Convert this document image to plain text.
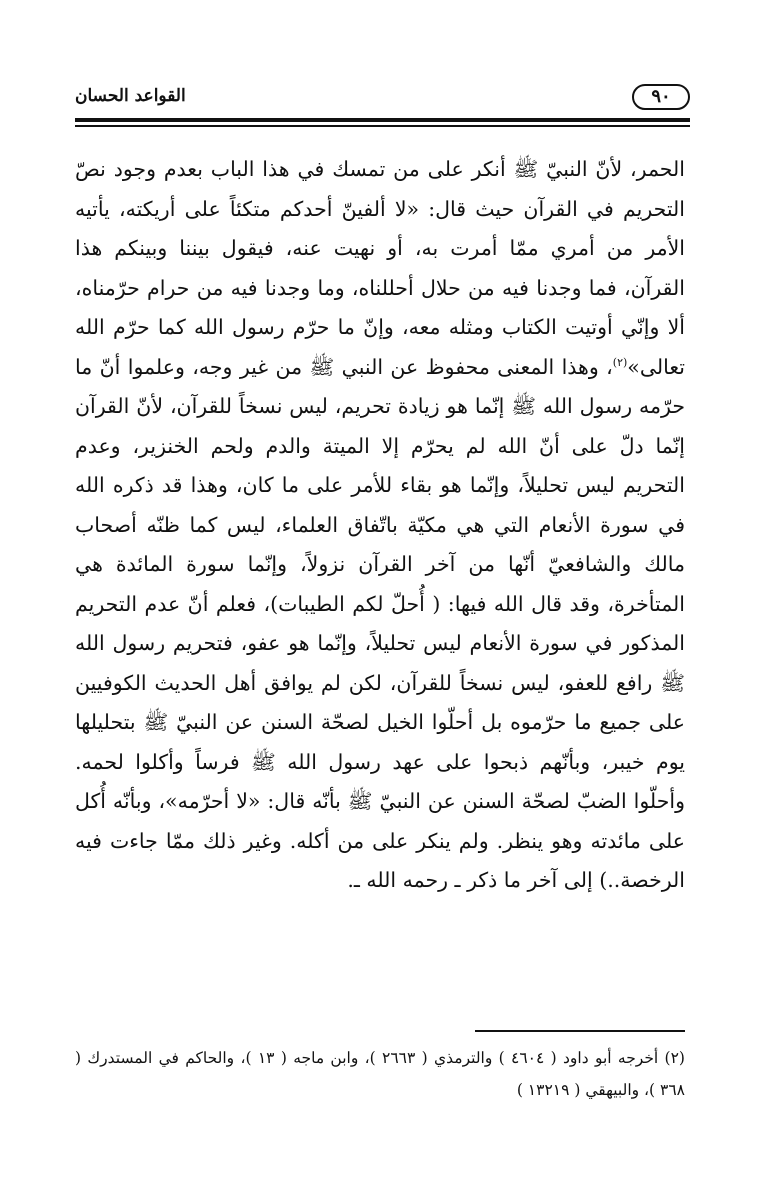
٩٠
القواعد الحسان

الحمر، لأنّ النبيّ ﷺ أنكر على من تمسك في هذا الباب بعدم وجود نصّ التحريم في القرآن حيث قال: «لا ألفينّ أحدكم متكئاً على أريكته، يأتيه الأمر من أمري ممّا أمرت به، أو نهيت عنه، فيقول بيننا وبينكم هذا القرآن، فما وجدنا فيه من حلال أحللناه، وما وجدنا فيه من حرام حرّمناه، ألا وإنّي أوتيت الكتاب ومثله معه، وإنّ ما حرّم رسول الله كما حرّم الله تعالى»$^{(٢)}$، وهذا المعنى محفوظ عن النبي ﷺ من غير وجه، وعلموا أنّ ما حرّمه رسول الله ﷺ إنّما هو زيادة تحريم، ليس نسخاً للقرآن، لأنّ القرآن إنّما دلّ على أنّ الله لم يحرّم إلا الميتة والدم ولحم الخنزير، وعدم التحريم ليس تحليلاً، وإنّما هو بقاء للأمر على ما كان، وهذا قد ذكره الله في سورة الأنعام التي هي مكيّة باتّفاق العلماء، ليس كما ظنّه أصحاب مالك والشافعيّ أنّها من آخر القرآن نزولاً، وإنّما سورة المائدة هي المتأخرة، وقد قال الله فيها: ( أُحلّ لكم الطيبات)، فعلم أنّ عدم التحريم المذكور في سورة الأنعام ليس تحليلاً، وإنّما هو عفو، فتحريم رسول الله ﷺ رافع للعفو، ليس نسخاً للقرآن، لكن لم يوافق أهل الحديث الكوفيين على جميع ما حرّموه بل أحلّوا الخيل لصحّة السنن عن النبيّ ﷺ بتحليلها يوم خيبر، وبأنّهم ذبحوا على عهد رسول الله ﷺ فرساً وأكلوا لحمه. وأحلّوا الضبّ لصحّة السنن عن النبيّ ﷺ بأنّه قال: «لا أحرّمه»، وبأنّه أُكل على مائدته وهو ينظر. ولم ينكر على من أكله. وغير ذلك ممّا جاءت فيه الرخصة..) إلى آخر ما ذكر ـ رحمه الله ـ.

(٢) أخرجه أبو داود ( ٤٦٠٤ ) والترمذي ( ٢٦٦٣ )، وابن ماجه ( ١٣ )، والحاكم في المستدرك ( ٣٦٨ )، والبيهقي ( ١٣٢١٩ )
